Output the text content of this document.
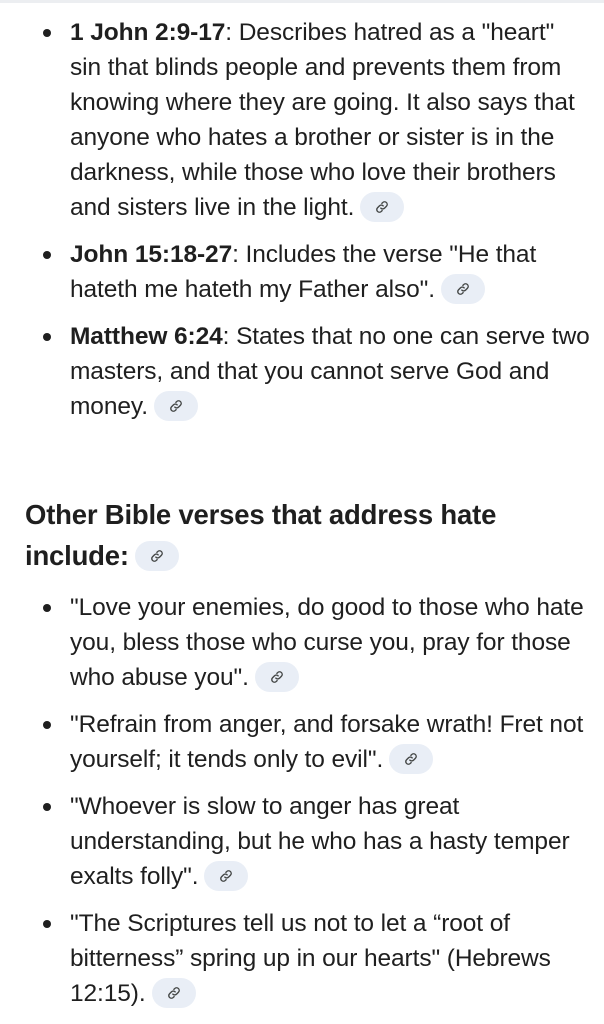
1 John 2:9-17: Describes hatred as a "heart" sin that blinds people and prevents them from knowing where they are going. It also says that anyone who hates a brother or sister is in the darkness, while those who love their brothers and sisters live in the light.
John 15:18-27: Includes the verse "He that hateth me hateth my Father also".
Matthew 6:24: States that no one can serve two masters, and that you cannot serve God and money.
Other Bible verses that address hate include:
"Love your enemies, do good to those who hate you, bless those who curse you, pray for those who abuse you".
"Refrain from anger, and forsake wrath! Fret not yourself; it tends only to evil".
"Whoever is slow to anger has great understanding, but he who has a hasty temper exalts folly".
"The Scriptures tell us not to let a “root of bitterness” spring up in our hearts" (Hebrews 12:15).
